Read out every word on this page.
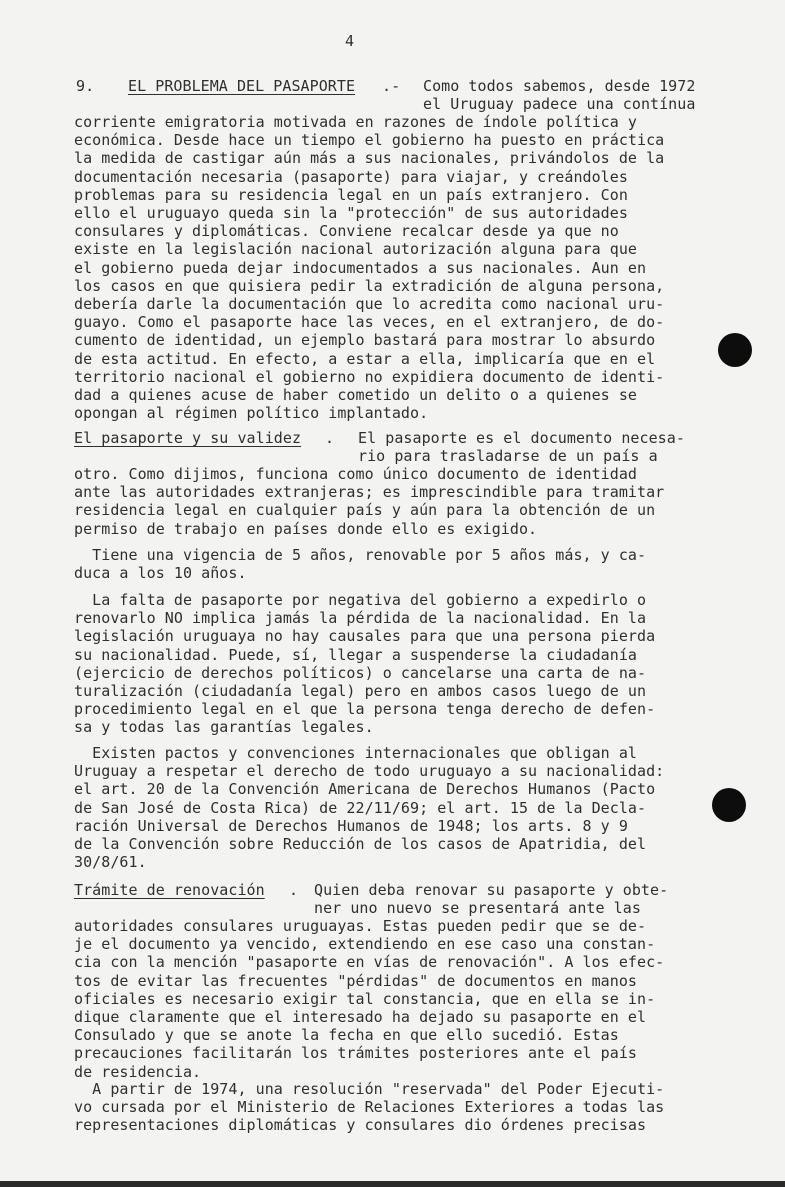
4
9. EL PROBLEMA DEL PASAPORTE .- Como todos sabemos, desde 1972
el Uruguay padece una contínua
corriente emigratoria motivada en razones de índole política y
económica. Desde hace un tiempo el gobierno ha puesto en práctica
la medida de castigar aún más a sus nacionales, privándolos de la
documentación necesaria (pasaporte) para viajar, y creándoles
problemas para su residencia legal en un país extranjero. Con
ello el uruguayo queda sin la "protección" de sus autoridades
consulares y diplomáticas. Conviene recalcar desde ya que no
existe en la legislación nacional autorización alguna para que
el gobierno pueda dejar indocumentados a sus nacionales. Aun en
los casos en que quisiera pedir la extradición de alguna persona,
debería darle la documentación que lo acredita como nacional uru-
guayo. Como el pasaporte hace las veces, en el extranjero, de do-
cumento de identidad, un ejemplo bastará para mostrar lo absurdo
de esta actitud. En efecto, a estar a ella, implicaría que en el
territorio nacional el gobierno no expidiera documento de identi-
dad a quienes acuse de haber cometido un delito o a quienes se
opongan al régimen político implantado.
El pasaporte y su validez . El pasaporte es el documento necesa-
rio para trasladarse de un país a
otro. Como dijimos, funciona como único documento de identidad
ante las autoridades extranjeras; es imprescindible para tramitar
residencia legal en cualquier país y aún para la obtención de un
permiso de trabajo en países donde ello es exigido.
Tiene una vigencia de 5 años, renovable por 5 años más, y ca-
duca a los 10 años.
La falta de pasaporte por negativa del gobierno a expedirlo o
renovarlo NO implica jamás la pérdida de la nacionalidad. En la
legislación uruguaya no hay causales para que una persona pierda
su nacionalidad. Puede, sí, llegar a suspenderse la ciudadanía
(ejercicio de derechos políticos) o cancelarse una carta de na-
turalización (ciudadanía legal) pero en ambos casos luego de un
procedimiento legal en el que la persona tenga derecho de defen-
sa y todas las garantías legales.
Existen pactos y convenciones internacionales que obligan al
Uruguay a respetar el derecho de todo uruguayo a su nacionalidad:
el art. 20 de la Convención Americana de Derechos Humanos (Pacto
de San José de Costa Rica) de 22/11/69; el art. 15 de la Decla-
ración Universal de Derechos Humanos de 1948; los arts. 8 y 9
de la Convención sobre Reducción de los casos de Apatridia, del
30/8/61.
Trámite de renovación . Quien deba renovar su pasaporte y obte-
ner uno nuevo se presentará ante las
autoridades consulares uruguayas. Estas pueden pedir que se de-
je el documento ya vencido, extendiendo en ese caso una constan-
cia con la mención "pasaporte en vías de renovación". A los efec-
tos de evitar las frecuentes "pérdidas" de documentos en manos
oficiales es necesario exigir tal constancia, que en ella se in-
dique claramente que el interesado ha dejado su pasaporte en el
Consulado y que se anote la fecha en que ello sucedió. Estas
precauciones facilitarán los trámites posteriores ante el país
de residencia.
A partir de 1974, una resolución "reservada" del Poder Ejecuti-
vo cursada por el Ministerio de Relaciones Exteriores a todas las
representaciones diplomáticas y consulares dio órdenes precisas
